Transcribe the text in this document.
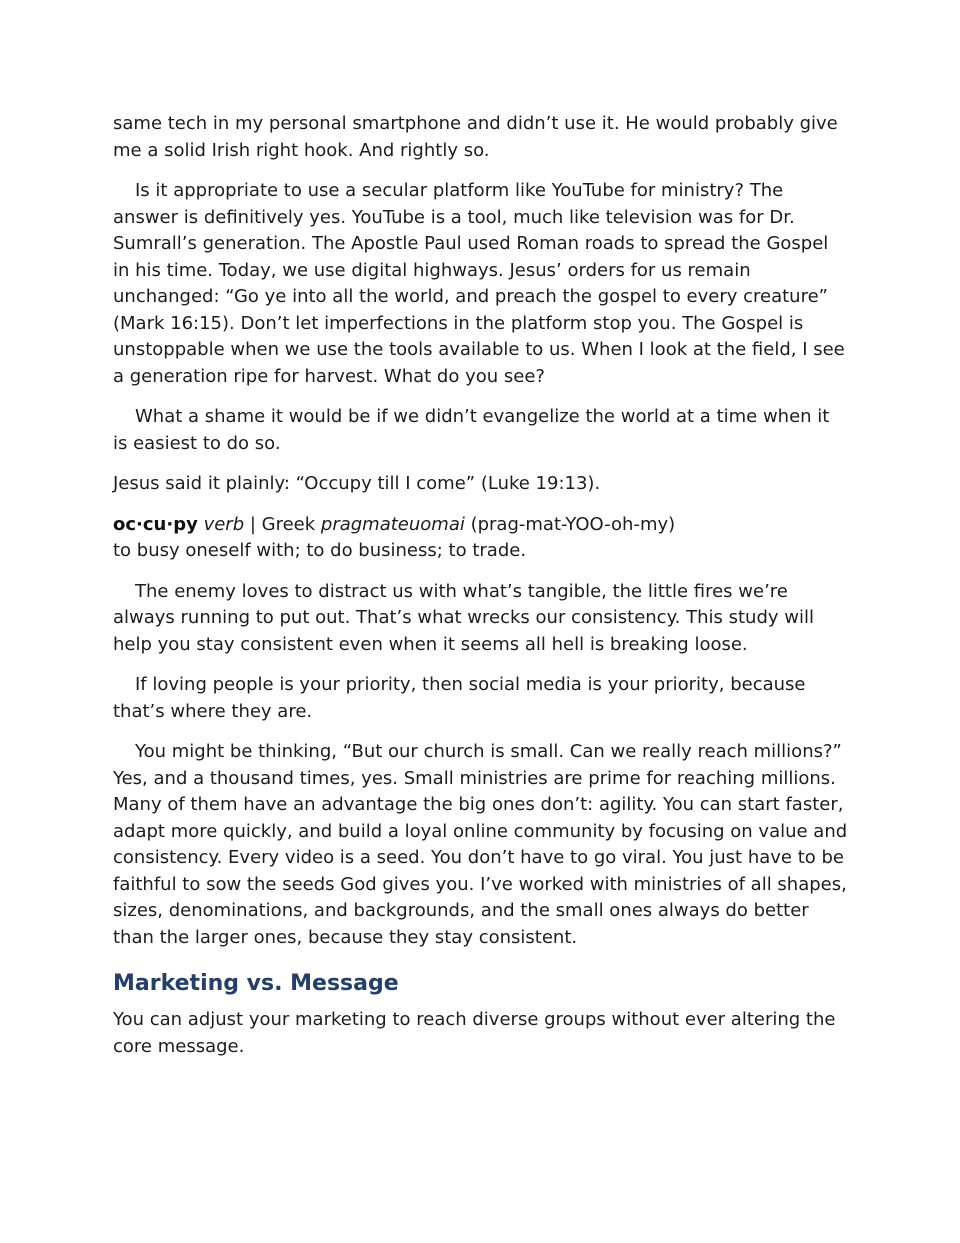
same tech in my personal smartphone and didn’t use it. He would probably give me a solid Irish right hook. And rightly so.

Is it appropriate to use a secular platform like YouTube for ministry? The answer is definitively yes. YouTube is a tool, much like television was for Dr. Sumrall’s generation. The Apostle Paul used Roman roads to spread the Gospel in his time. Today, we use digital highways. Jesus’ orders for us remain unchanged: “Go ye into all the world, and preach the gospel to every creature” (Mark 16:15). Don’t let imperfections in the platform stop you. The Gospel is unstoppable when we use the tools available to us. When I look at the field, I see a generation ripe for harvest. What do you see?

What a shame it would be if we didn’t evangelize the world at a time when it is easiest to do so.

Jesus said it plainly: “Occupy till I come” (Luke 19:13).

oc·cu·py verb | Greek pragmateuomai (prag-mat-YOO-oh-my)
to busy oneself with; to do business; to trade.

The enemy loves to distract us with what’s tangible, the little fires we’re always running to put out. That’s what wrecks our consistency. This study will help you stay consistent even when it seems all hell is breaking loose.

If loving people is your priority, then social media is your priority, because that’s where they are.

You might be thinking, “But our church is small. Can we really reach millions?” Yes, and a thousand times, yes. Small ministries are prime for reaching millions. Many of them have an advantage the big ones don’t: agility. You can start faster, adapt more quickly, and build a loyal online community by focusing on value and consistency. Every video is a seed. You don’t have to go viral. You just have to be faithful to sow the seeds God gives you. I’ve worked with ministries of all shapes, sizes, denominations, and backgrounds, and the small ones always do better than the larger ones, because they stay consistent.

Marketing vs. Message

You can adjust your marketing to reach diverse groups without ever altering the core message.
